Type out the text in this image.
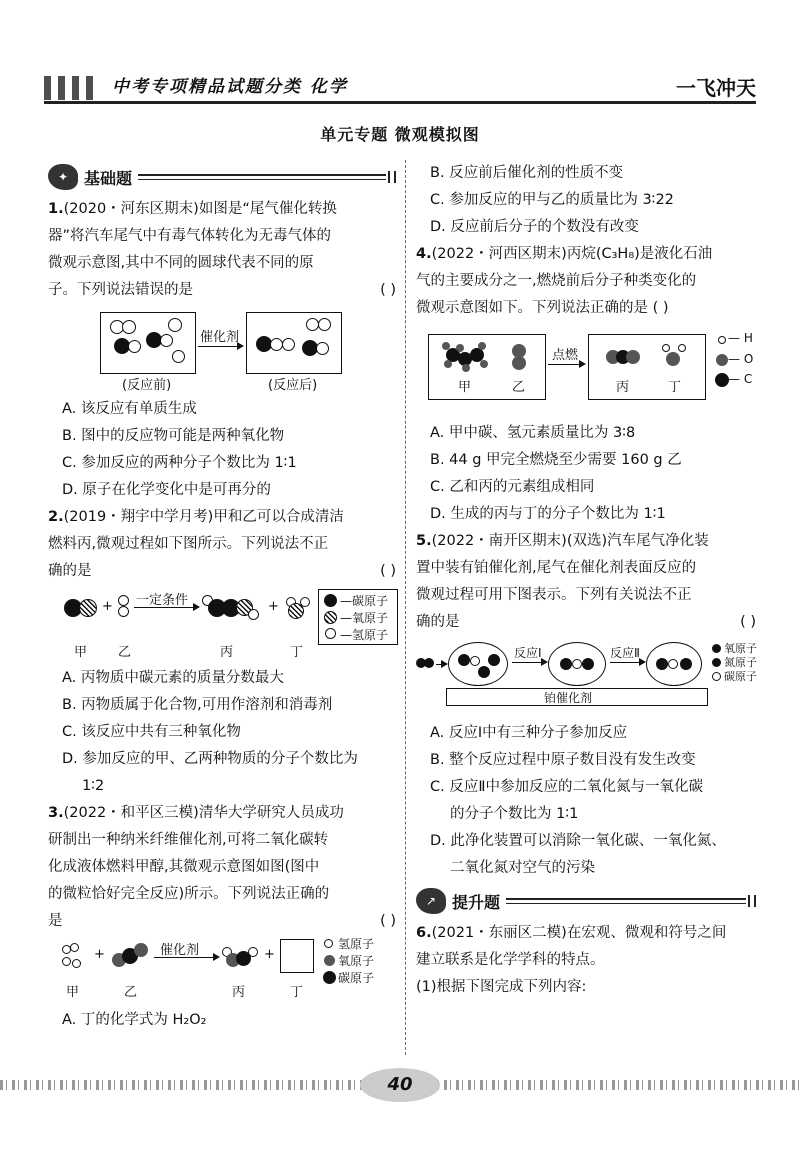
中考专项精品试题分类 化学	一飞冲天
单元专题 微观模拟图
✦ 基础题

1.(2020・河东区期末)如图是“尾气催化转换

器”将汽车尾气中有毒气体转化为无毒气体的

微观示意图,其中不同的圆球代表不同的原

子。下列说法错误的是	( )

催化剂
(反应前)	(反应后)

A. 该反应有单质生成

B. 图中的反应物可能是两种氧化物

C. 参加反应的两种分子个数比为 1∶1

D. 原子在化学变化中是可再分的

2.(2019・翔宇中学月考)甲和乙可以合成清洁

燃料丙,微观过程如下图所示。下列说法不正

确的是	( )

+ 一定条件	+	—碳原子
—氧原子
—氢原子
甲 乙	丙	丁

A. 丙物质中碳元素的质量分数最大

B. 丙物质属于化合物,可用作溶剂和消毒剂

C. 该反应中共有三种氧化物

D. 参加反应的甲、乙两种物质的分子个数比为

1∶2

3.(2022・和平区三模)清华大学研究人员成功

研制出一种纳米纤维催化剂,可将二氧化碳转

化成液体燃料甲醇,其微观示意图如图(图中

的微粒恰好完全反应)所示。下列说法正确的

是	( )

+	催化剂	+
氢原子
氧原子
碳原子
甲	乙	丙	丁

A. 丁的化学式为 H₂O₂

B. 反应前后催化剂的性质不变

C. 参加反应的甲与乙的质量比为 3∶22

D. 反应前后分子的个数没有改变

4.(2022・河西区期末)丙烷(C₃H₈)是液化石油

气的主要成分之一,燃烧前后分子种类变化的

微观示意图如下。下列说法正确的是 ( )

甲	乙
点燃
丙	丁
— H
— O
— C

A. 甲中碳、氢元素质量比为 3∶8

B. 44 g 甲完全燃烧至少需要 160 g 乙

C. 乙和丙的元素组成相同

D. 生成的丙与丁的分子个数比为 1∶1

5.(2022・南开区期末)(双选)汽车尾气净化装

置中装有铂催化剂,尾气在催化剂表面反应的

微观过程可用下图表示。下列有关说法不正

确的是	( )

反应Ⅰ	反应Ⅱ	氧原子
氮原子
碳原子
铂催化剂

A. 反应Ⅰ中有三种分子参加反应

B. 整个反应过程中原子数目没有发生改变

C. 反应Ⅱ中参加反应的二氧化氮与一氧化碳

的分子个数比为 1∶1

D. 此净化装置可以消除一氧化碳、一氧化氮、

二氧化氮对空气的污染

↗ 提升题

6.(2021・东丽区二模)在宏观、微观和符号之间

建立联系是化学学科的特点。

(1)根据下图完成下列内容:

40
